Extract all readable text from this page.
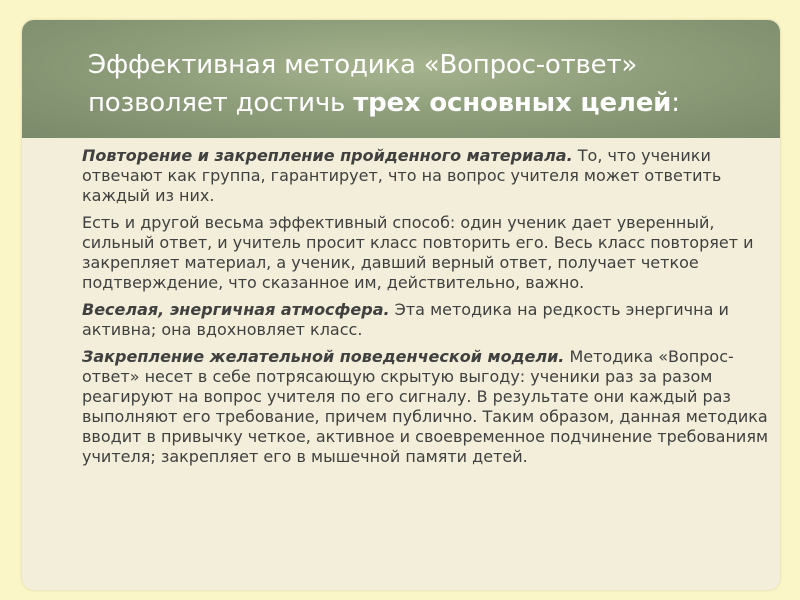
Эффективная методика «Вопрос-ответ»
позволяет достичь трех основных целей:

Повторение и закрепление пройденного материала. То, что ученики отвечают как группа, гарантирует, что на вопрос учителя может ответить каждый из них.

Есть и другой весьма эффективный способ: один ученик дает уверенный, сильный ответ, и учитель просит класс повторить его. Весь класс повторяет и закрепляет материал, а ученик, давший верный ответ, получает четкое подтверждение, что сказанное им, действительно, важно.

Веселая, энергичная атмосфера. Эта методика на редкость энергична и активна; она вдохновляет класс.

Закрепление желательной поведенческой модели. Методика «Вопрос-ответ» несет в себе потрясающую скрытую выгоду: ученики раз за разом реагируют на вопрос учителя по его сигналу. В результате они каждый раз выполняют его требование, причем публично. Таким образом, данная методика вводит в привычку четкое, активное и своевременное подчинение требованиям учителя; закрепляет его в мышечной памяти детей.
